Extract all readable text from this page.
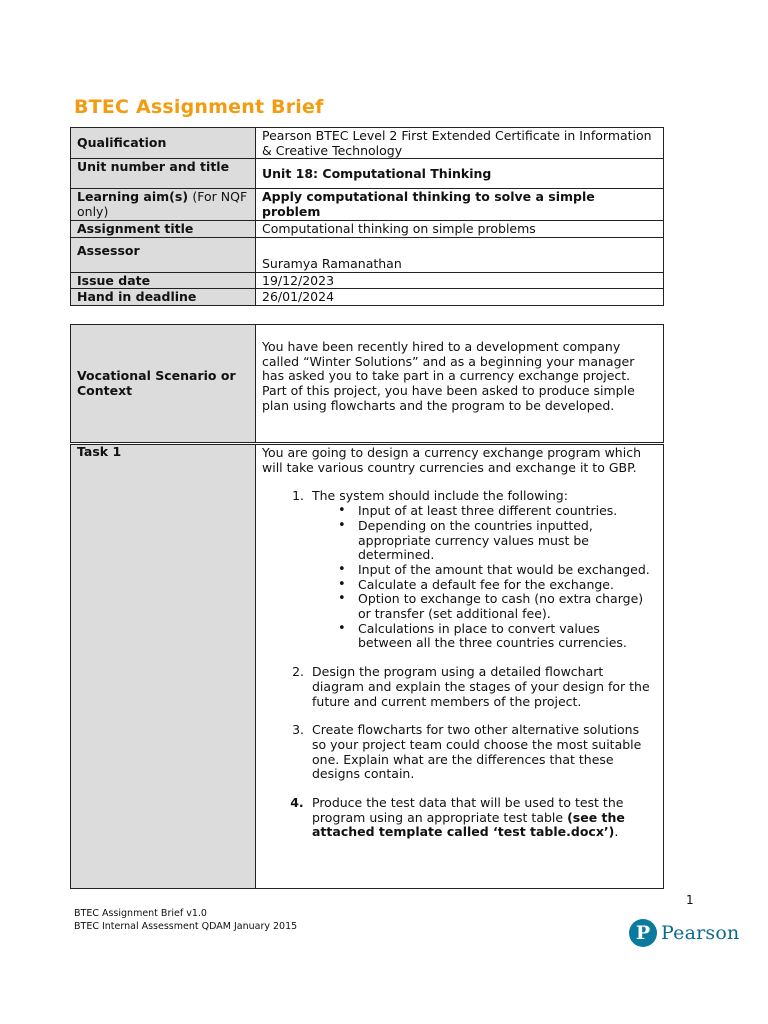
BTEC Assignment Brief
Qualification	Pearson BTEC Level 2 First Extended Certificate in Information & Creative Technology
Unit number and title	Unit 18: Computational Thinking
Learning aim(s) (For NQF only)	Apply computational thinking to solve a simple problem
Assignment title	Computational thinking on simple problems
Assessor	Suramya Ramanathan
Issue date	19/12/2023
Hand in deadline	26/01/2024
Vocational Scenario or Context	You have been recently hired to a development company called “Winter Solutions” and as a beginning your manager has asked you to take part in a currency exchange project. Part of this project, you have been asked to produce simple plan using flowcharts and the program to be developed.
Task 1	You are going to design a currency exchange program which will take various country currencies and exchange it to GBP.
1. The system should include the following:
• Input of at least three different countries.
• Depending on the countries inputted, appropriate currency values must be determined.
• Input of the amount that would be exchanged.
• Calculate a default fee for the exchange.
• Option to exchange to cash (no extra charge) or transfer (set additional fee).
• Calculations in place to convert values between all the three countries currencies.
2. Design the program using a detailed flowchart diagram and explain the stages of your design for the future and current members of the project.
3. Create flowcharts for two other alternative solutions so your project team could choose the most suitable one. Explain what are the differences that these designs contain.
4. Produce the test data that will be used to test the program using an appropriate test table (see the attached template called ‘test table.docx’).
1
BTEC Assignment Brief v1.0
BTEC Internal Assessment QDAM January 2015	P Pearson
